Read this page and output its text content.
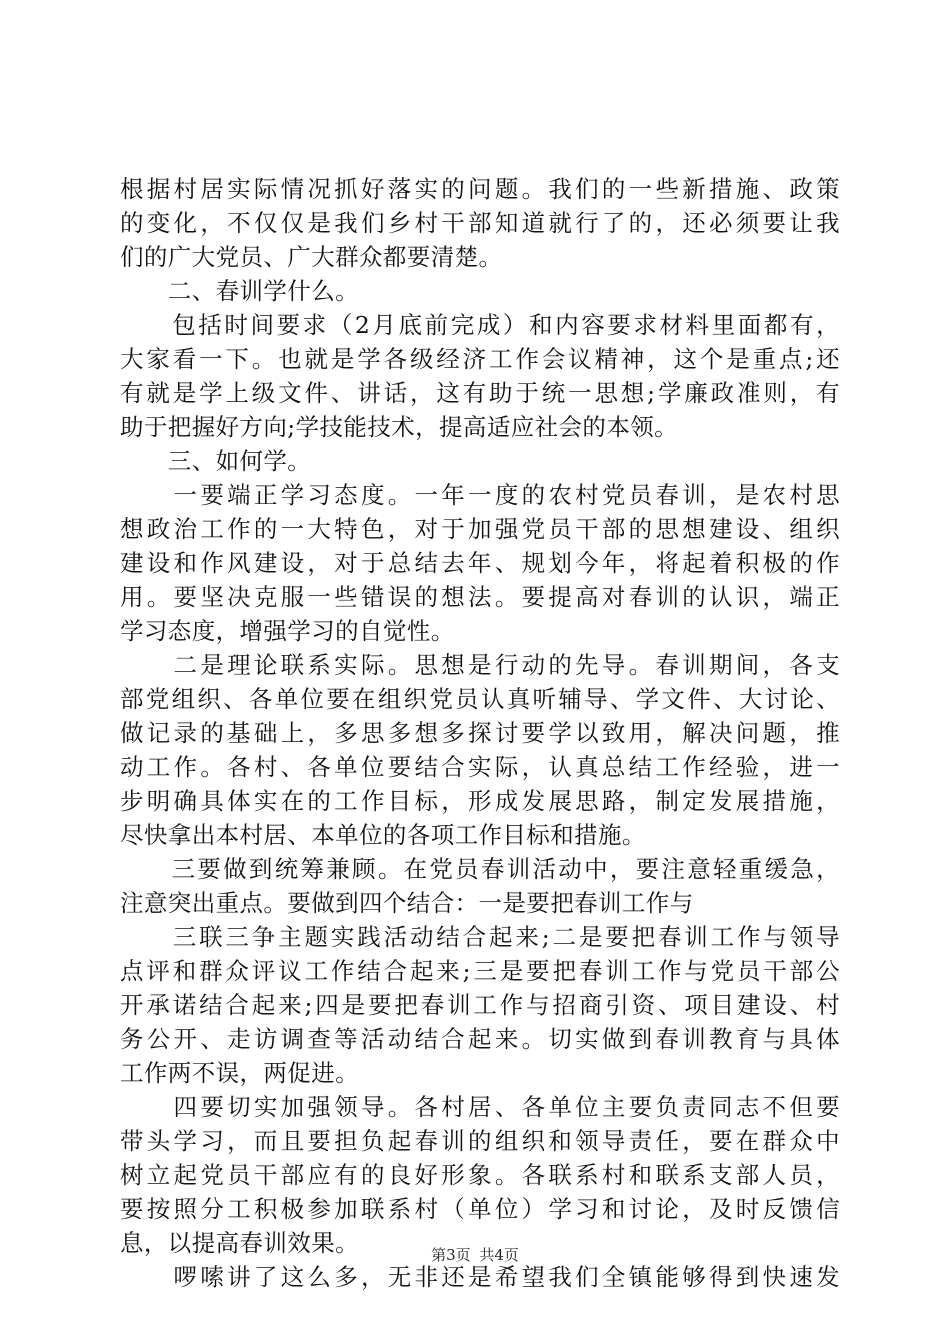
根据村居实际情况抓好落实的问题。我们的一些新措施、政策
的变化，不仅仅是我们乡村干部知道就行了的，还必须要让我
们的广大党员、广大群众都要清楚。
　　二、春训学什么。
　　包括时间要求（2月底前完成）和内容要求材料里面都有，
大家看一下。也就是学各级经济工作会议精神，这个是重点;还
有就是学上级文件、讲话，这有助于统一思想;学廉政准则，有
助于把握好方向;学技能技术，提高适应社会的本领。
　　三、如何学。
　　一要端正学习态度。一年一度的农村党员春训，是农村思
想政治工作的一大特色，对于加强党员干部的思想建设、组织
建设和作风建设，对于总结去年、规划今年，将起着积极的作
用。要坚决克服一些错误的想法。要提高对春训的认识，端正
学习态度，增强学习的自觉性。
　　二是理论联系实际。思想是行动的先导。春训期间，各支
部党组织、各单位要在组织党员认真听辅导、学文件、大讨论、
做记录的基础上，多思多想多探讨要学以致用，解决问题，推
动工作。各村、各单位要结合实际，认真总结工作经验，进一
步明确具体实在的工作目标，形成发展思路，制定发展措施，
尽快拿出本村居、本单位的各项工作目标和措施。
　　三要做到统筹兼顾。在党员春训活动中，要注意轻重缓急，
注意突出重点。要做到四个结合：一是要把春训工作与
　　三联三争主题实践活动结合起来;二是要把春训工作与领导
点评和群众评议工作结合起来;三是要把春训工作与党员干部公
开承诺结合起来;四是要把春训工作与招商引资、项目建设、村
务公开、走访调查等活动结合起来。切实做到春训教育与具体
工作两不误，两促进。
　　四要切实加强领导。各村居、各单位主要负责同志不但要
带头学习，而且要担负起春训的组织和领导责任，要在群众中
树立起党员干部应有的良好形象。各联系村和联系支部人员，
要按照分工积极参加联系村（单位）学习和讨论，及时反馈信
息，以提高春训效果。
　　啰嗦讲了这么多，无非还是希望我们全镇能够得到快速发
第3页 共4页
